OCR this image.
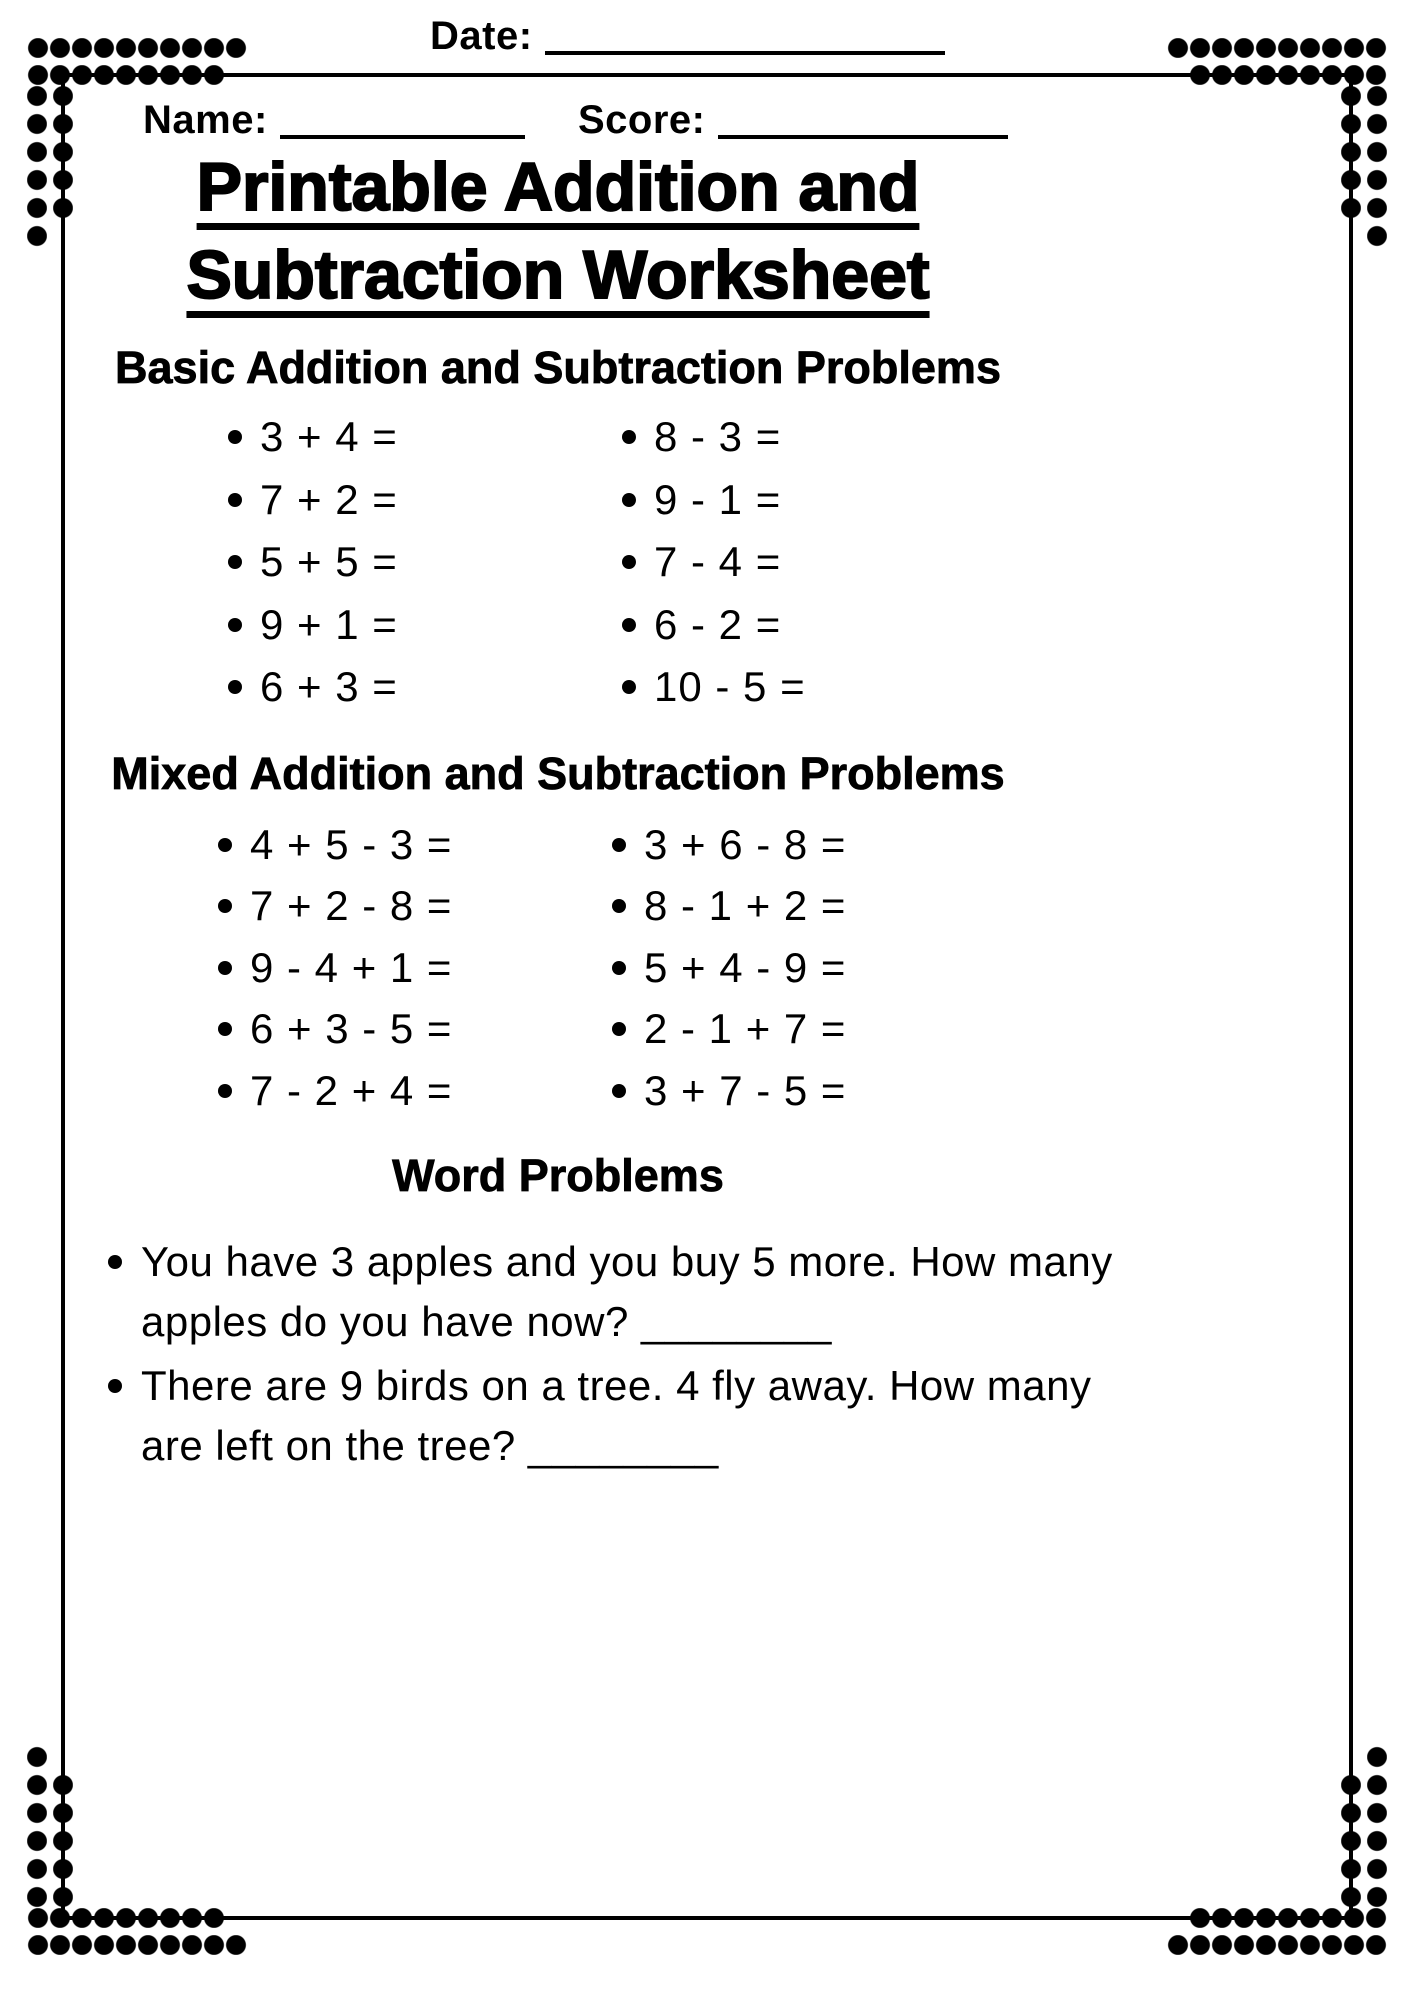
Date:
Name:	Score:
Printable Addition and
Subtraction Worksheet
Basic Addition and Subtraction Problems
3 + 4 =	8 - 3 =
7 + 2 =	9 - 1 =
5 + 5 =	7 - 4 =
9 + 1 =	6 - 2 =
6 + 3 =	10 - 5 =
Mixed Addition and Subtraction Problems
4 + 5 - 3 =	3 + 6 - 8 =
7 + 2 - 8 =	8 - 1 + 2 =
9 - 4 + 1 =	5 + 4 - 9 =
6 + 3 - 5 =	2 - 1 + 7 =
7 - 2 + 4 =	3 + 7 - 5 =
Word Problems
You have 3 apples and you buy 5 more. How many
apples do you have now? ________
There are 9 birds on a tree. 4 fly away. How many
are left on the tree? ________
